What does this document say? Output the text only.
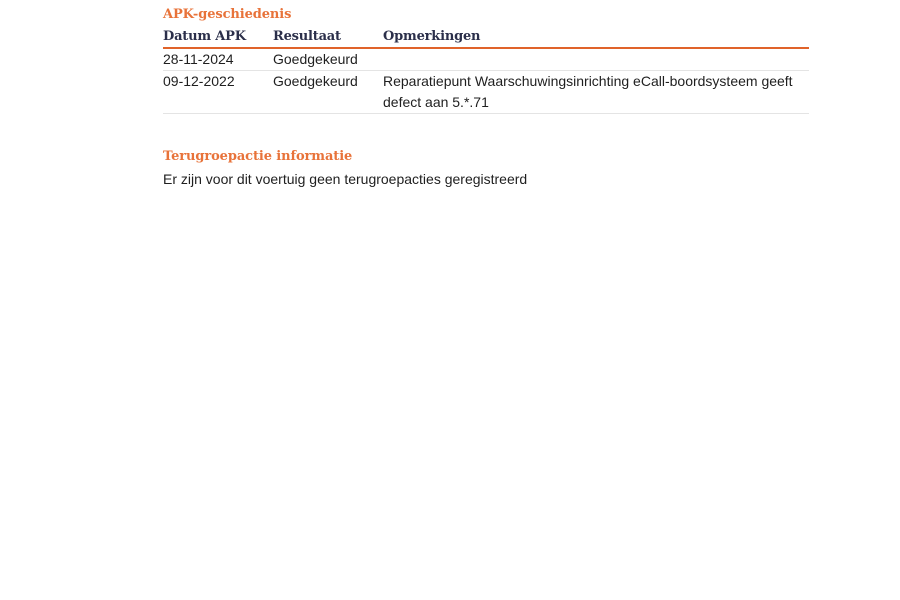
APK-geschiedenis
Datum APK	Resultaat	Opmerkingen
28-11-2024	Goedgekeurd	
09-12-2022	Goedgekeurd	Reparatiepunt Waarschuwingsinrichting eCall-boordsysteem geeft defect aan 5.*.71
Terugroepactie informatie

Er zijn voor dit voertuig geen terugroepacties geregistreerd
